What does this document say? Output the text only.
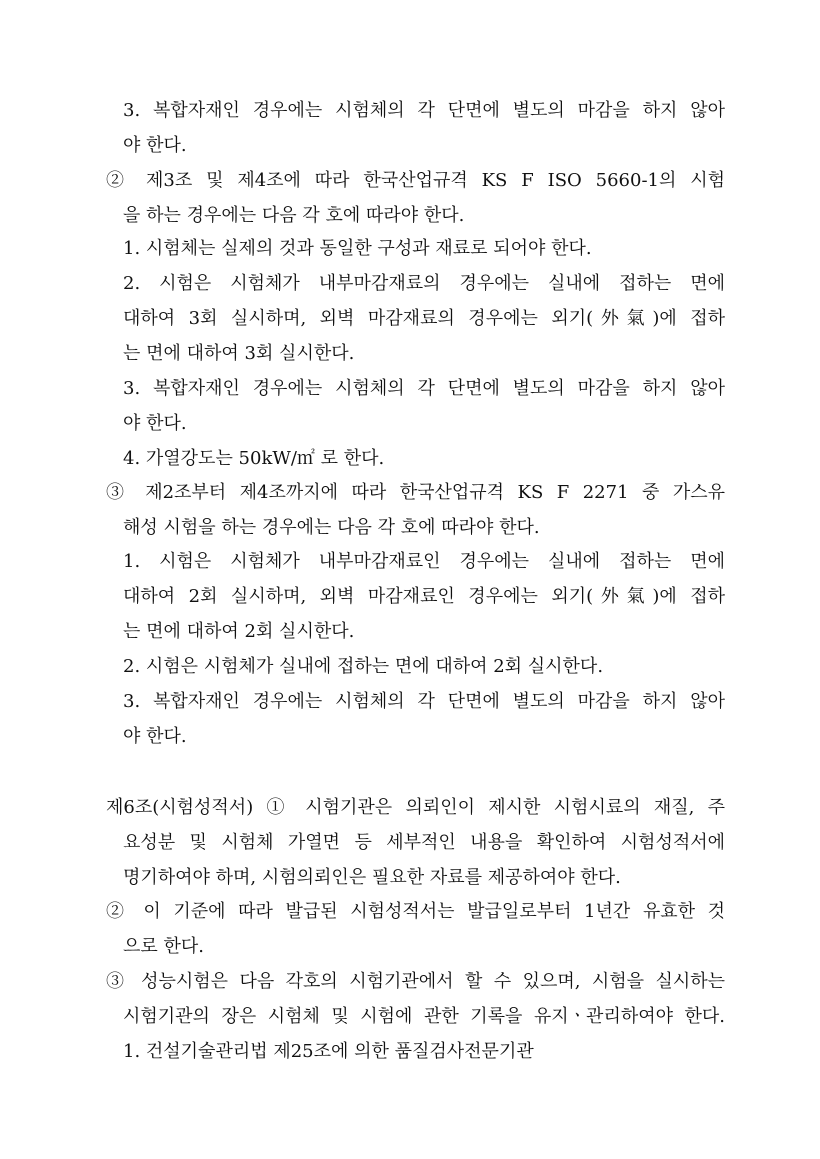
3. 복합자재인 경우에는 시험체의 각 단면에 별도의 마감을 하지 않아
야 한다.
② 제3조 및 제4조에 따라 한국산업규격 KS F ISO 5660-1의 시험
을 하는 경우에는 다음 각 호에 따라야 한다.
1. 시험체는 실제의 것과 동일한 구성과 재료로 되어야 한다.
2. 시험은 시험체가 내부마감재료의 경우에는 실내에 접하는 면에
대하여 3회 실시하며, 외벽 마감재료의 경우에는 외기(外氣)에 접하
는 면에 대하여 3회 실시한다.
3. 복합자재인 경우에는 시험체의 각 단면에 별도의 마감을 하지 않아
야 한다.
4. 가열강도는 50kW/㎡ 로 한다.
③ 제2조부터 제4조까지에 따라 한국산업규격 KS F 2271 중 가스유
해성 시험을 하는 경우에는 다음 각 호에 따라야 한다.
1. 시험은 시험체가 내부마감재료인 경우에는 실내에 접하는 면에
대하여 2회 실시하며, 외벽 마감재료인 경우에는 외기(外氣)에 접하
는 면에 대하여 2회 실시한다.
2. 시험은 시험체가 실내에 접하는 면에 대하여 2회 실시한다.
3. 복합자재인 경우에는 시험체의 각 단면에 별도의 마감을 하지 않아
야 한다.
제6조(시험성적서) ① 시험기관은 의뢰인이 제시한 시험시료의 재질, 주
요성분 및 시험체 가열면 등 세부적인 내용을 확인하여 시험성적서에
명기하여야 하며, 시험의뢰인은 필요한 자료를 제공하여야 한다.
② 이 기준에 따라 발급된 시험성적서는 발급일로부터 1년간 유효한 것
으로 한다.
③ 성능시험은 다음 각호의 시험기관에서 할 수 있으며, 시험을 실시하는
시험기관의 장은 시험체 및 시험에 관한 기록을 유지ㆍ관리하여야 한다.
1. 건설기술관리법 제25조에 의한 품질검사전문기관
